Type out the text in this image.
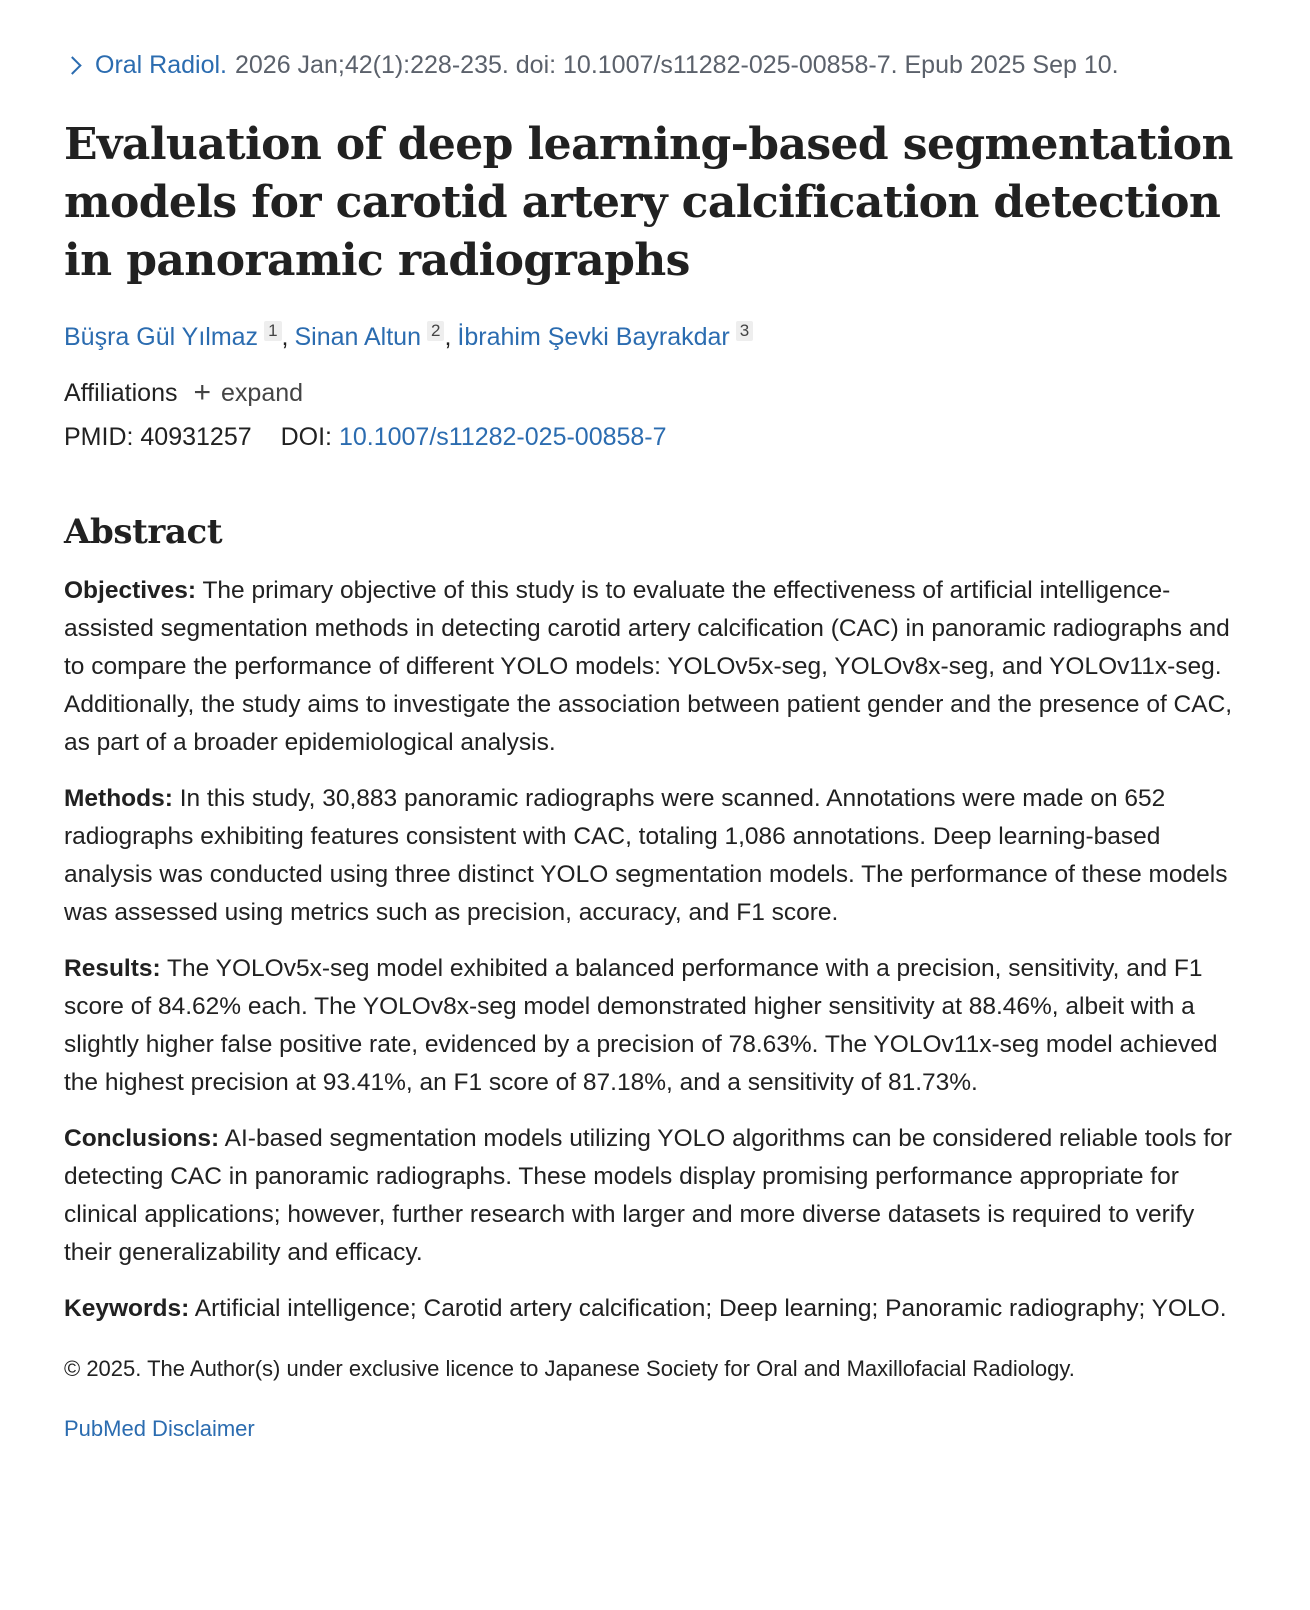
Oral Radiol. 2026 Jan;42(1):228-235. doi: 10.1007/s11282-025-00858-7. Epub 2025 Sep 10.
Evaluation of deep learning-based segmentation models for carotid artery calcification detection in panoramic radiographs
Büşra Gül Yılmaz $^1$ , Sinan Altun $^2$ , İbrahim Şevki Bayrakdar $^3$
Affiliations + expand
PMID: 40931257 DOI: 10.1007/s11282-025-00858-7
Abstract

Objectives: The primary objective of this study is to evaluate the effectiveness of artificial intelligence-assisted segmentation methods in detecting carotid artery calcification (CAC) in panoramic radiographs and to compare the performance of different YOLO models: YOLOv5x-seg, YOLOv8x-seg, and YOLOv11x-seg. Additionally, the study aims to investigate the association between patient gender and the presence of CAC, as part of a broader epidemiological analysis.

Methods: In this study, 30,883 panoramic radiographs were scanned. Annotations were made on 652 radiographs exhibiting features consistent with CAC, totaling 1,086 annotations. Deep learning-based analysis was conducted using three distinct YOLO segmentation models. The performance of these models was assessed using metrics such as precision, accuracy, and F1 score.

Results: The YOLOv5x-seg model exhibited a balanced performance with a precision, sensitivity, and F1 score of 84.62% each. The YOLOv8x-seg model demonstrated higher sensitivity at 88.46%, albeit with a slightly higher false positive rate, evidenced by a precision of 78.63%. The YOLOv11x-seg model achieved the highest precision at 93.41%, an F1 score of 87.18%, and a sensitivity of 81.73%.

Conclusions: AI-based segmentation models utilizing YOLO algorithms can be considered reliable tools for detecting CAC in panoramic radiographs. These models display promising performance appropriate for clinical applications; however, further research with larger and more diverse datasets is required to verify their generalizability and efficacy.

Keywords: Artificial intelligence; Carotid artery calcification; Deep learning; Panoramic radiography; YOLO.

© 2025. The Author(s) under exclusive licence to Japanese Society for Oral and Maxillofacial Radiology.
PubMed Disclaimer
